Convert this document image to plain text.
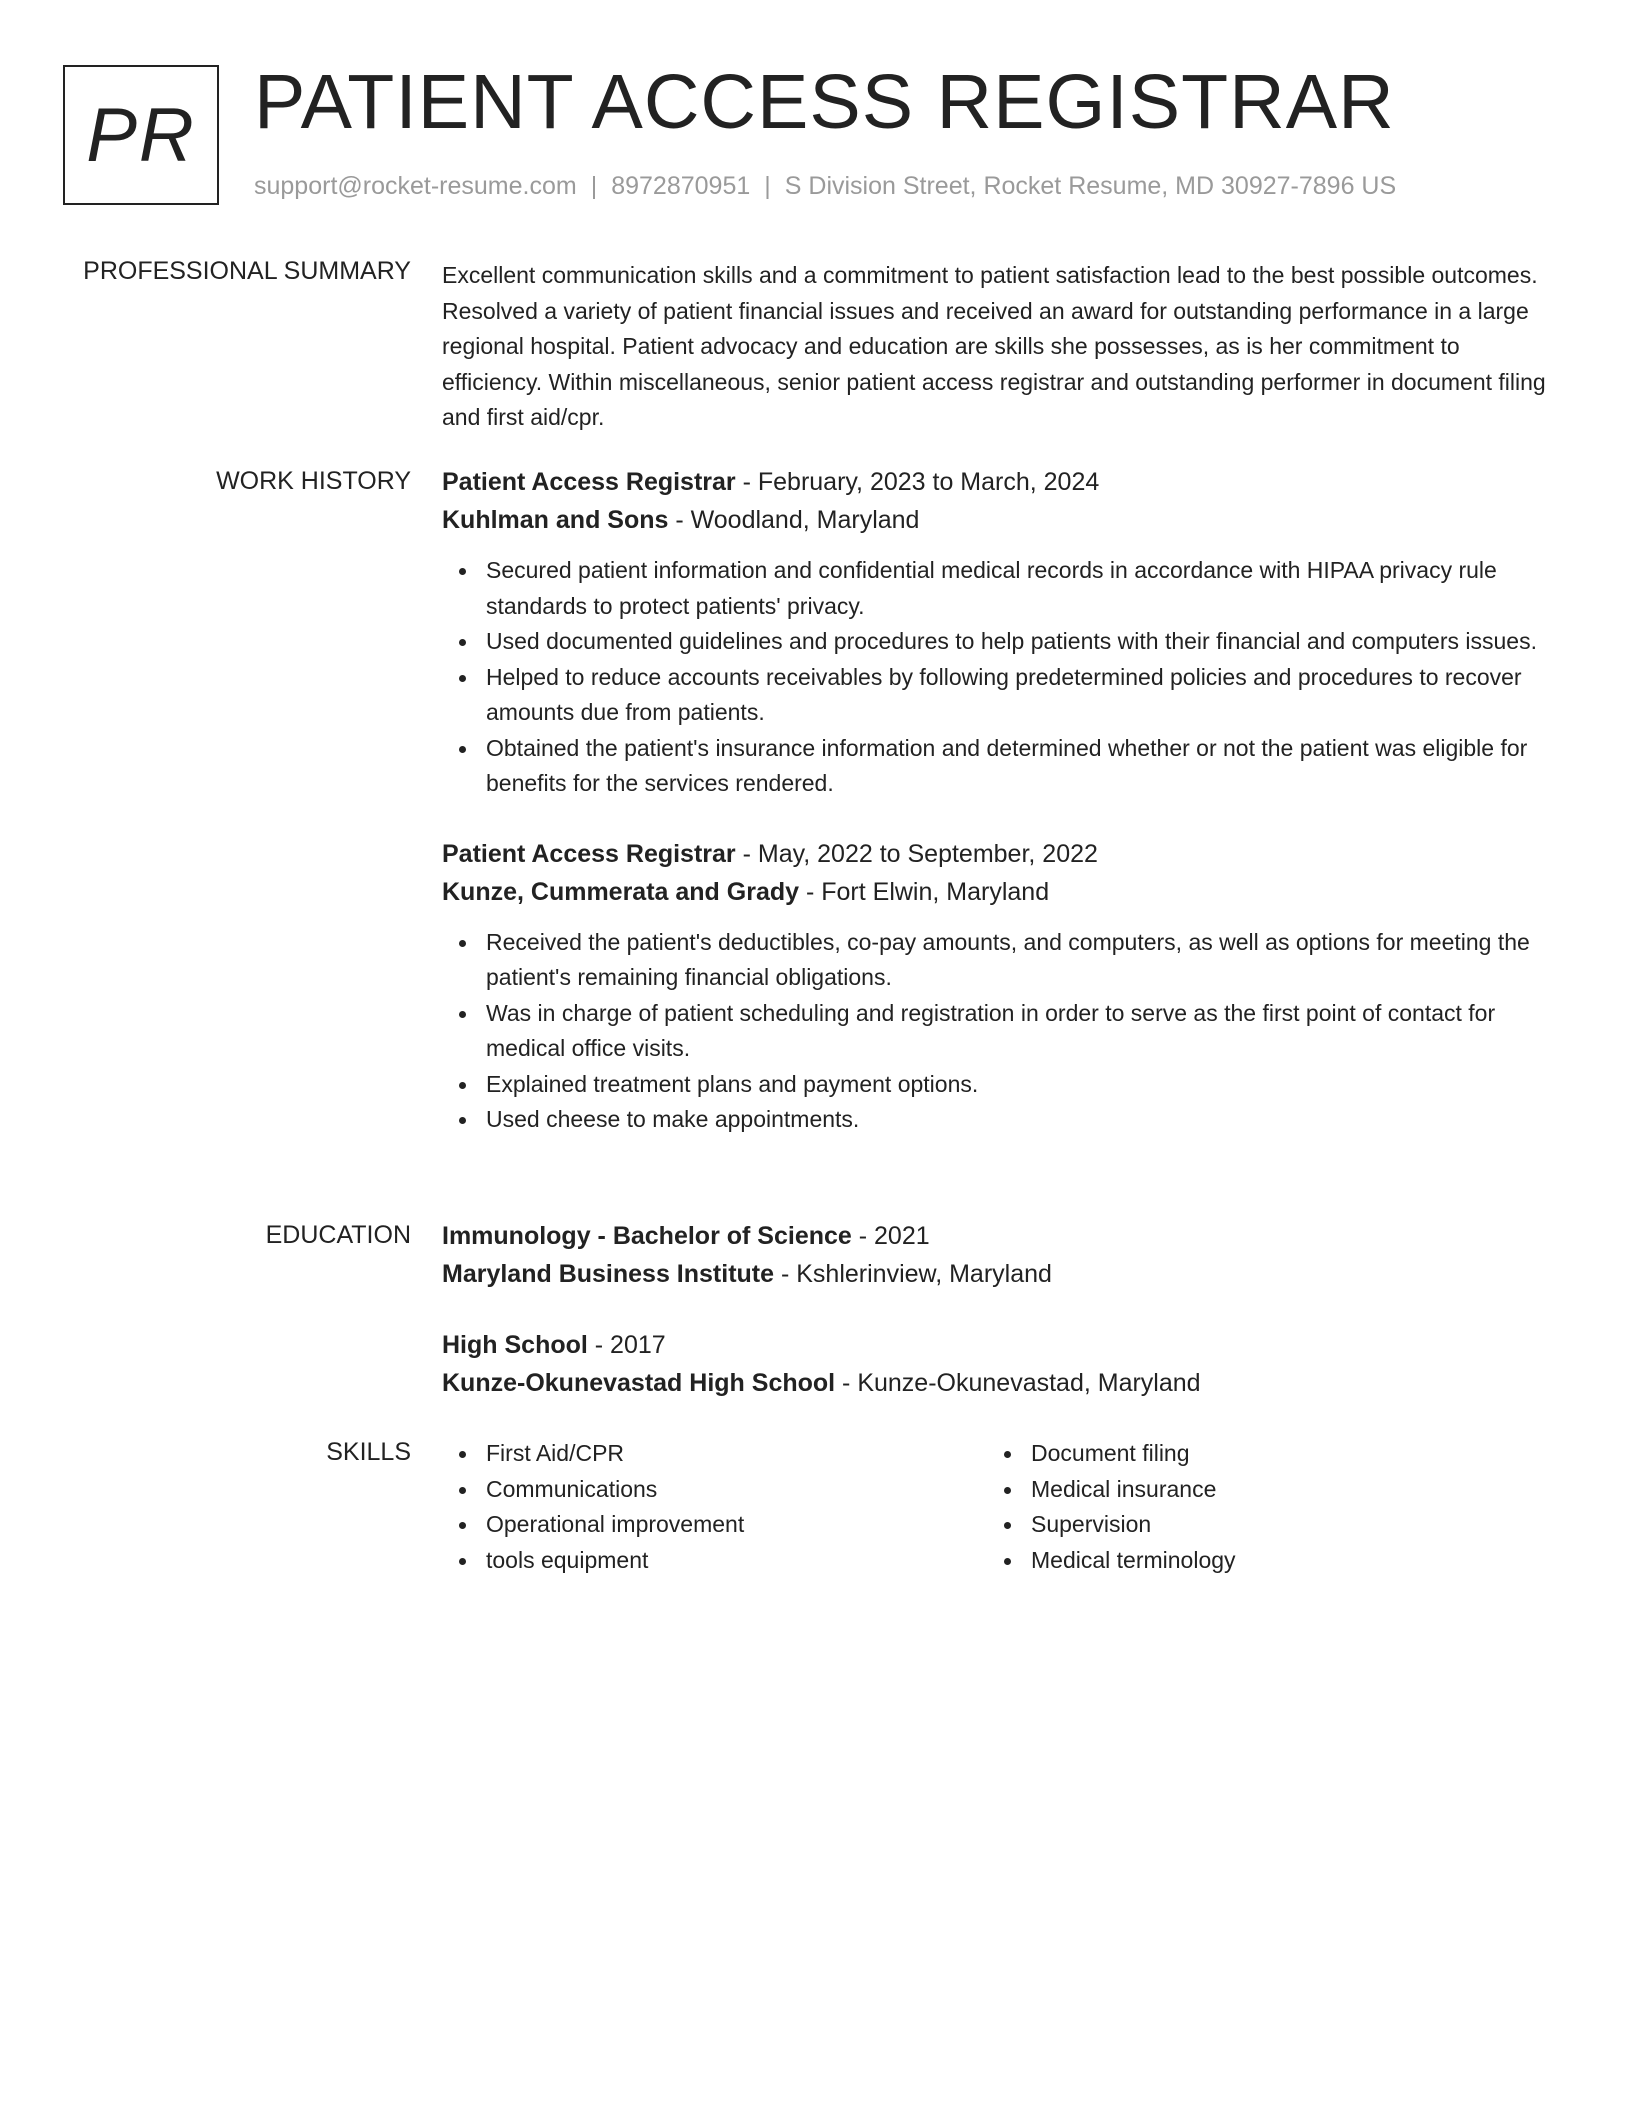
PR PATIENT ACCESS REGISTRAR
support@rocket-resume.com | 8972870951 | S Division Street, Rocket Resume, MD 30927-7896 US
PROFESSIONAL SUMMARY Excellent communication skills and a commitment to patient satisfaction lead to the best possible outcomes. Resolved a variety of patient financial issues and received an award for outstanding performance in a large regional hospital. Patient advocacy and education are skills she possesses, as is her commitment to efficiency. Within miscellaneous, senior patient access registrar and outstanding performer in document filing and first aid/cpr.

WORK HISTORY Patient Access Registrar - February, 2023 to March, 2024
Kuhlman and Sons - Woodland, Maryland
Secured patient information and confidential medical records in accordance with HIPAA privacy rule standards to protect patients' privacy.
Used documented guidelines and procedures to help patients with their financial and computers issues.
Helped to reduce accounts receivables by following predetermined policies and procedures to recover amounts due from patients.
Obtained the patient's insurance information and determined whether or not the patient was eligible for benefits for the services rendered.
Patient Access Registrar - May, 2022 to September, 2022
Kunze, Cummerata and Grady - Fort Elwin, Maryland
Received the patient's deductibles, co-pay amounts, and computers, as well as options for meeting the patient's remaining financial obligations.
Was in charge of patient scheduling and registration in order to serve as the first point of contact for medical office visits.
Explained treatment plans and payment options.
Used cheese to make appointments.
EDUCATION Immunology - Bachelor of Science - 2021
Maryland Business Institute - Kshlerinview, Maryland
High School - 2017
Kunze-Okunevastad High School - Kunze-Okunevastad, Maryland
SKILLS	First Aid/CPR
Communications
Operational improvement
tools equipment
Document filing
Medical insurance
Supervision
Medical terminology
